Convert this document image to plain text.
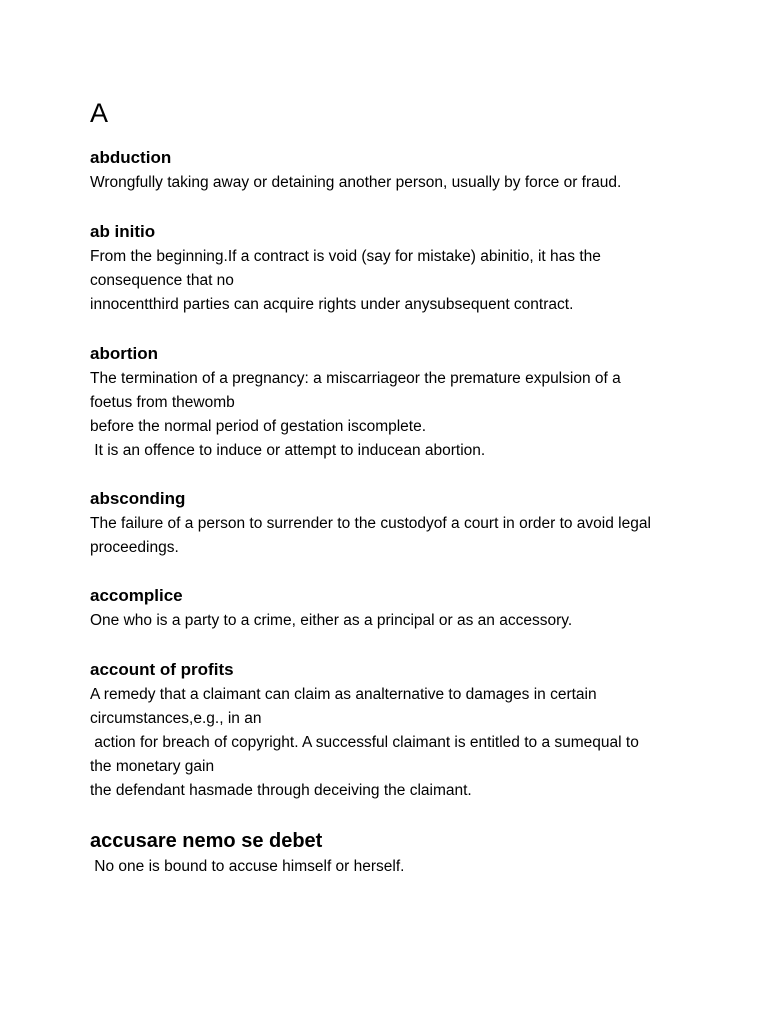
A
abduction
Wrongfully taking away or detaining another person, usually by force or fraud.
ab initio
From the beginning.If a contract is void (say for mistake) abinitio, it has the
consequence that no
innocentthird parties can acquire rights under anysubsequent contract.
abortion
The termination of a pregnancy: a miscarriageor the premature expulsion of a
foetus from thewomb
before the normal period of gestation iscomplete.
It is an offence to induce or attempt to inducean abortion.
absconding
The failure of a person to surrender to the custodyof a court in order to avoid legal
proceedings.
accomplice
One who is a party to a crime, either as a principal or as an accessory.
account of profits
A remedy that a claimant can claim as analternative to damages in certain
circumstances,e.g., in an
action for breach of copyright. A successful claimant is entitled to a sumequal to
the monetary gain
the defendant hasmade through deceiving the claimant.
accusare nemo se debet
No one is bound to accuse himself or herself.
